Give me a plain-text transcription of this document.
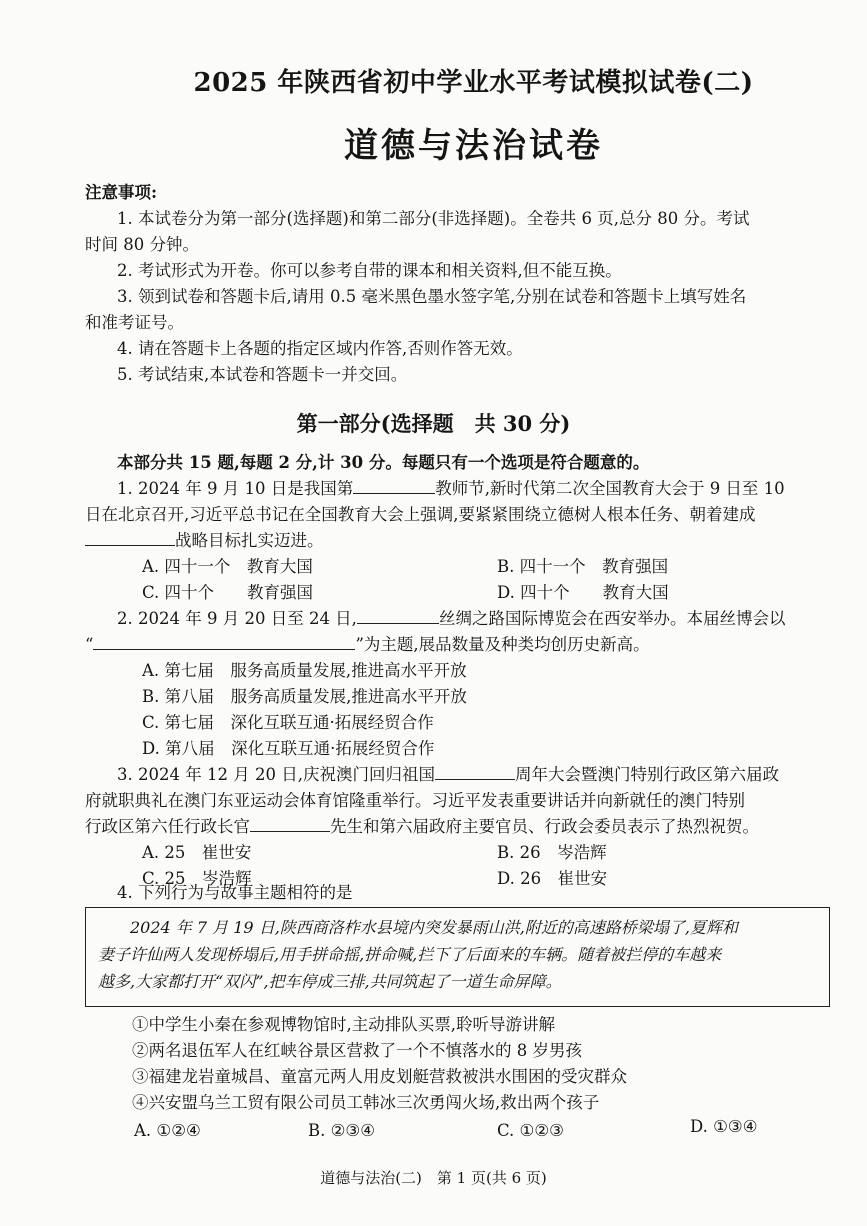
2025 年陕西省初中学业水平考试模拟试卷(二)
道德与法治试卷
注意事项:
1. 本试卷分为第一部分(选择题)和第二部分(非选择题)。全卷共 6 页,总分 80 分。考试
时间 80 分钟。
2. 考试形式为开卷。你可以参考自带的课本和相关资料,但不能互换。
3. 领到试卷和答题卡后,请用 0.5 毫米黑色墨水签字笔,分别在试卷和答题卡上填写姓名
和准考证号。
4. 请在答题卡上各题的指定区域内作答,否则作答无效。
5. 考试结束,本试卷和答题卡一并交回。
第一部分(选择题　共 30 分)
本部分共 15 题,每题 2 分,计 30 分。每题只有一个选项是符合题意的。
1. 2024 年 9 月 10 日是我国第	教师节,新时代第二次全国教育大会于 9 日至 10
日在北京召开,习近平总书记在全国教育大会上强调,要紧紧围绕立德树人根本任务、朝着建成
战略目标扎实迈进。
A. 四十一个　教育大国	B. 四十一个　教育强国
C. 四十个　　教育强国	D. 四十个　　教育大国
2. 2024 年 9 月 20 日至 24 日,	丝绸之路国际博览会在西安举办。本届丝博会以
“	”为主题,展品数量及种类均创历史新高。
A. 第七届　服务高质量发展,推进高水平开放
B. 第八届　服务高质量发展,推进高水平开放
C. 第七届　深化互联互通·拓展经贸合作
D. 第八届　深化互联互通·拓展经贸合作
3. 2024 年 12 月 20 日,庆祝澳门回归祖国	周年大会暨澳门特别行政区第六届政
府就职典礼在澳门东亚运动会体育馆隆重举行。习近平发表重要讲话并向新就任的澳门特别
行政区第六任行政长官	先生和第六届政府主要官员、行政会委员表示了热烈祝贺。
A. 25　崔世安	B. 26　岑浩辉
C. 25　岑浩辉	D. 26　崔世安
4. 下列行为与故事主题相符的是
2024 年 7 月 19 日,陕西商洛柞水县境内突发暴雨山洪,附近的高速路桥梁塌了,夏辉和
妻子许仙两人发现桥塌后,用手拼命摇,拼命喊,拦下了后面来的车辆。随着被拦停的车越来
越多,大家都打开“双闪”,把车停成三排,共同筑起了一道生命屏障。
①中学生小秦在参观博物馆时,主动排队买票,聆听导游讲解
②两名退伍军人在红峡谷景区营救了一个不慎落水的 8 岁男孩
③福建龙岩童城昌、童富元两人用皮划艇营救被洪水围困的受灾群众
④兴安盟乌兰工贸有限公司员工韩冰三次勇闯火场,救出两个孩子
A. ①②④	B. ②③④	C. ①②③	D. ①③④
道德与法治(二)　第 1 页(共 6 页)
